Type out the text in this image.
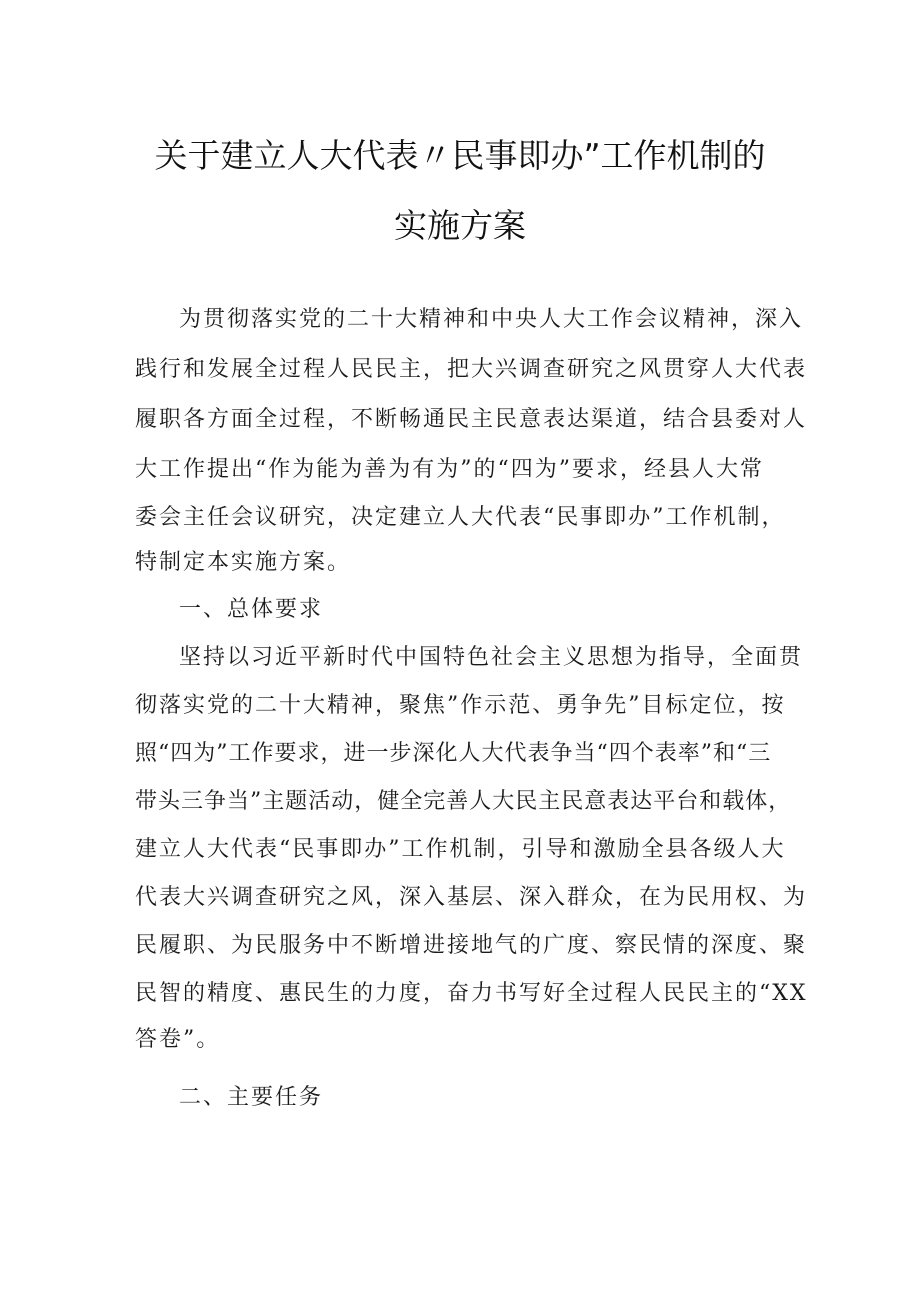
关于建立人大代表〃民事即办”工作机制的
实施方案
为贯彻落实党的二十大精神和中央人大工作会议精神，深入
践行和发展全过程人民民主，把大兴调查研究之风贯穿人大代表
履职各方面全过程，不断畅通民主民意表达渠道，结合县委对人
大工作提出“作为能为善为有为”的“四为”要求，经县人大常
委会主任会议研究，决定建立人大代表“民事即办”工作机制，
特制定本实施方案。
一、总体要求
坚持以习近平新时代中国特色社会主义思想为指导，全面贯
彻落实党的二十大精神，聚焦”作示范、勇争先”目标定位，按
照“四为”工作要求，进一步深化人大代表争当“四个表率”和“三
带头三争当”主题活动，健全完善人大民主民意表达平台和载体，
建立人大代表“民事即办”工作机制，引导和激励全县各级人大
代表大兴调查研究之风，深入基层、深入群众，在为民用权、为
民履职、为民服务中不断增进接地气的广度、察民情的深度、聚
民智的精度、惠民生的力度，奋力书写好全过程人民民主的“XX
答卷”。
二、主要任务
